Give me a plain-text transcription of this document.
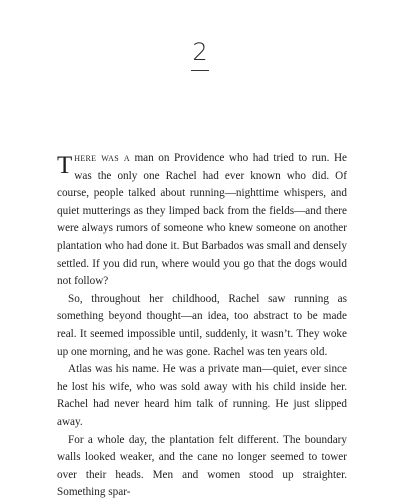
2

There was a man on Providence who had tried to run. He was the only one Rachel had ever known who did. Of course, people talked about running—nighttime whispers, and quiet mutterings as they limped back from the fields—and there were always rumors of someone who knew someone on another plantation who had done it. But Barbados was small and densely settled. If you did run, where would you go that the dogs would not follow?

So, throughout her childhood, Rachel saw running as something beyond thought—an idea, too abstract to be made real. It seemed impossible until, suddenly, it wasn’t. They woke up one morning, and he was gone. Rachel was ten years old.

Atlas was his name. He was a private man—quiet, ever since he lost his wife, who was sold away with his child inside her. Rachel had never heard him talk of running. He just slipped away.

For a whole day, the plantation felt different. The boundary walls looked weaker, and the cane no longer seemed to tower over their heads. Men and women stood up straighter. Something spar-
